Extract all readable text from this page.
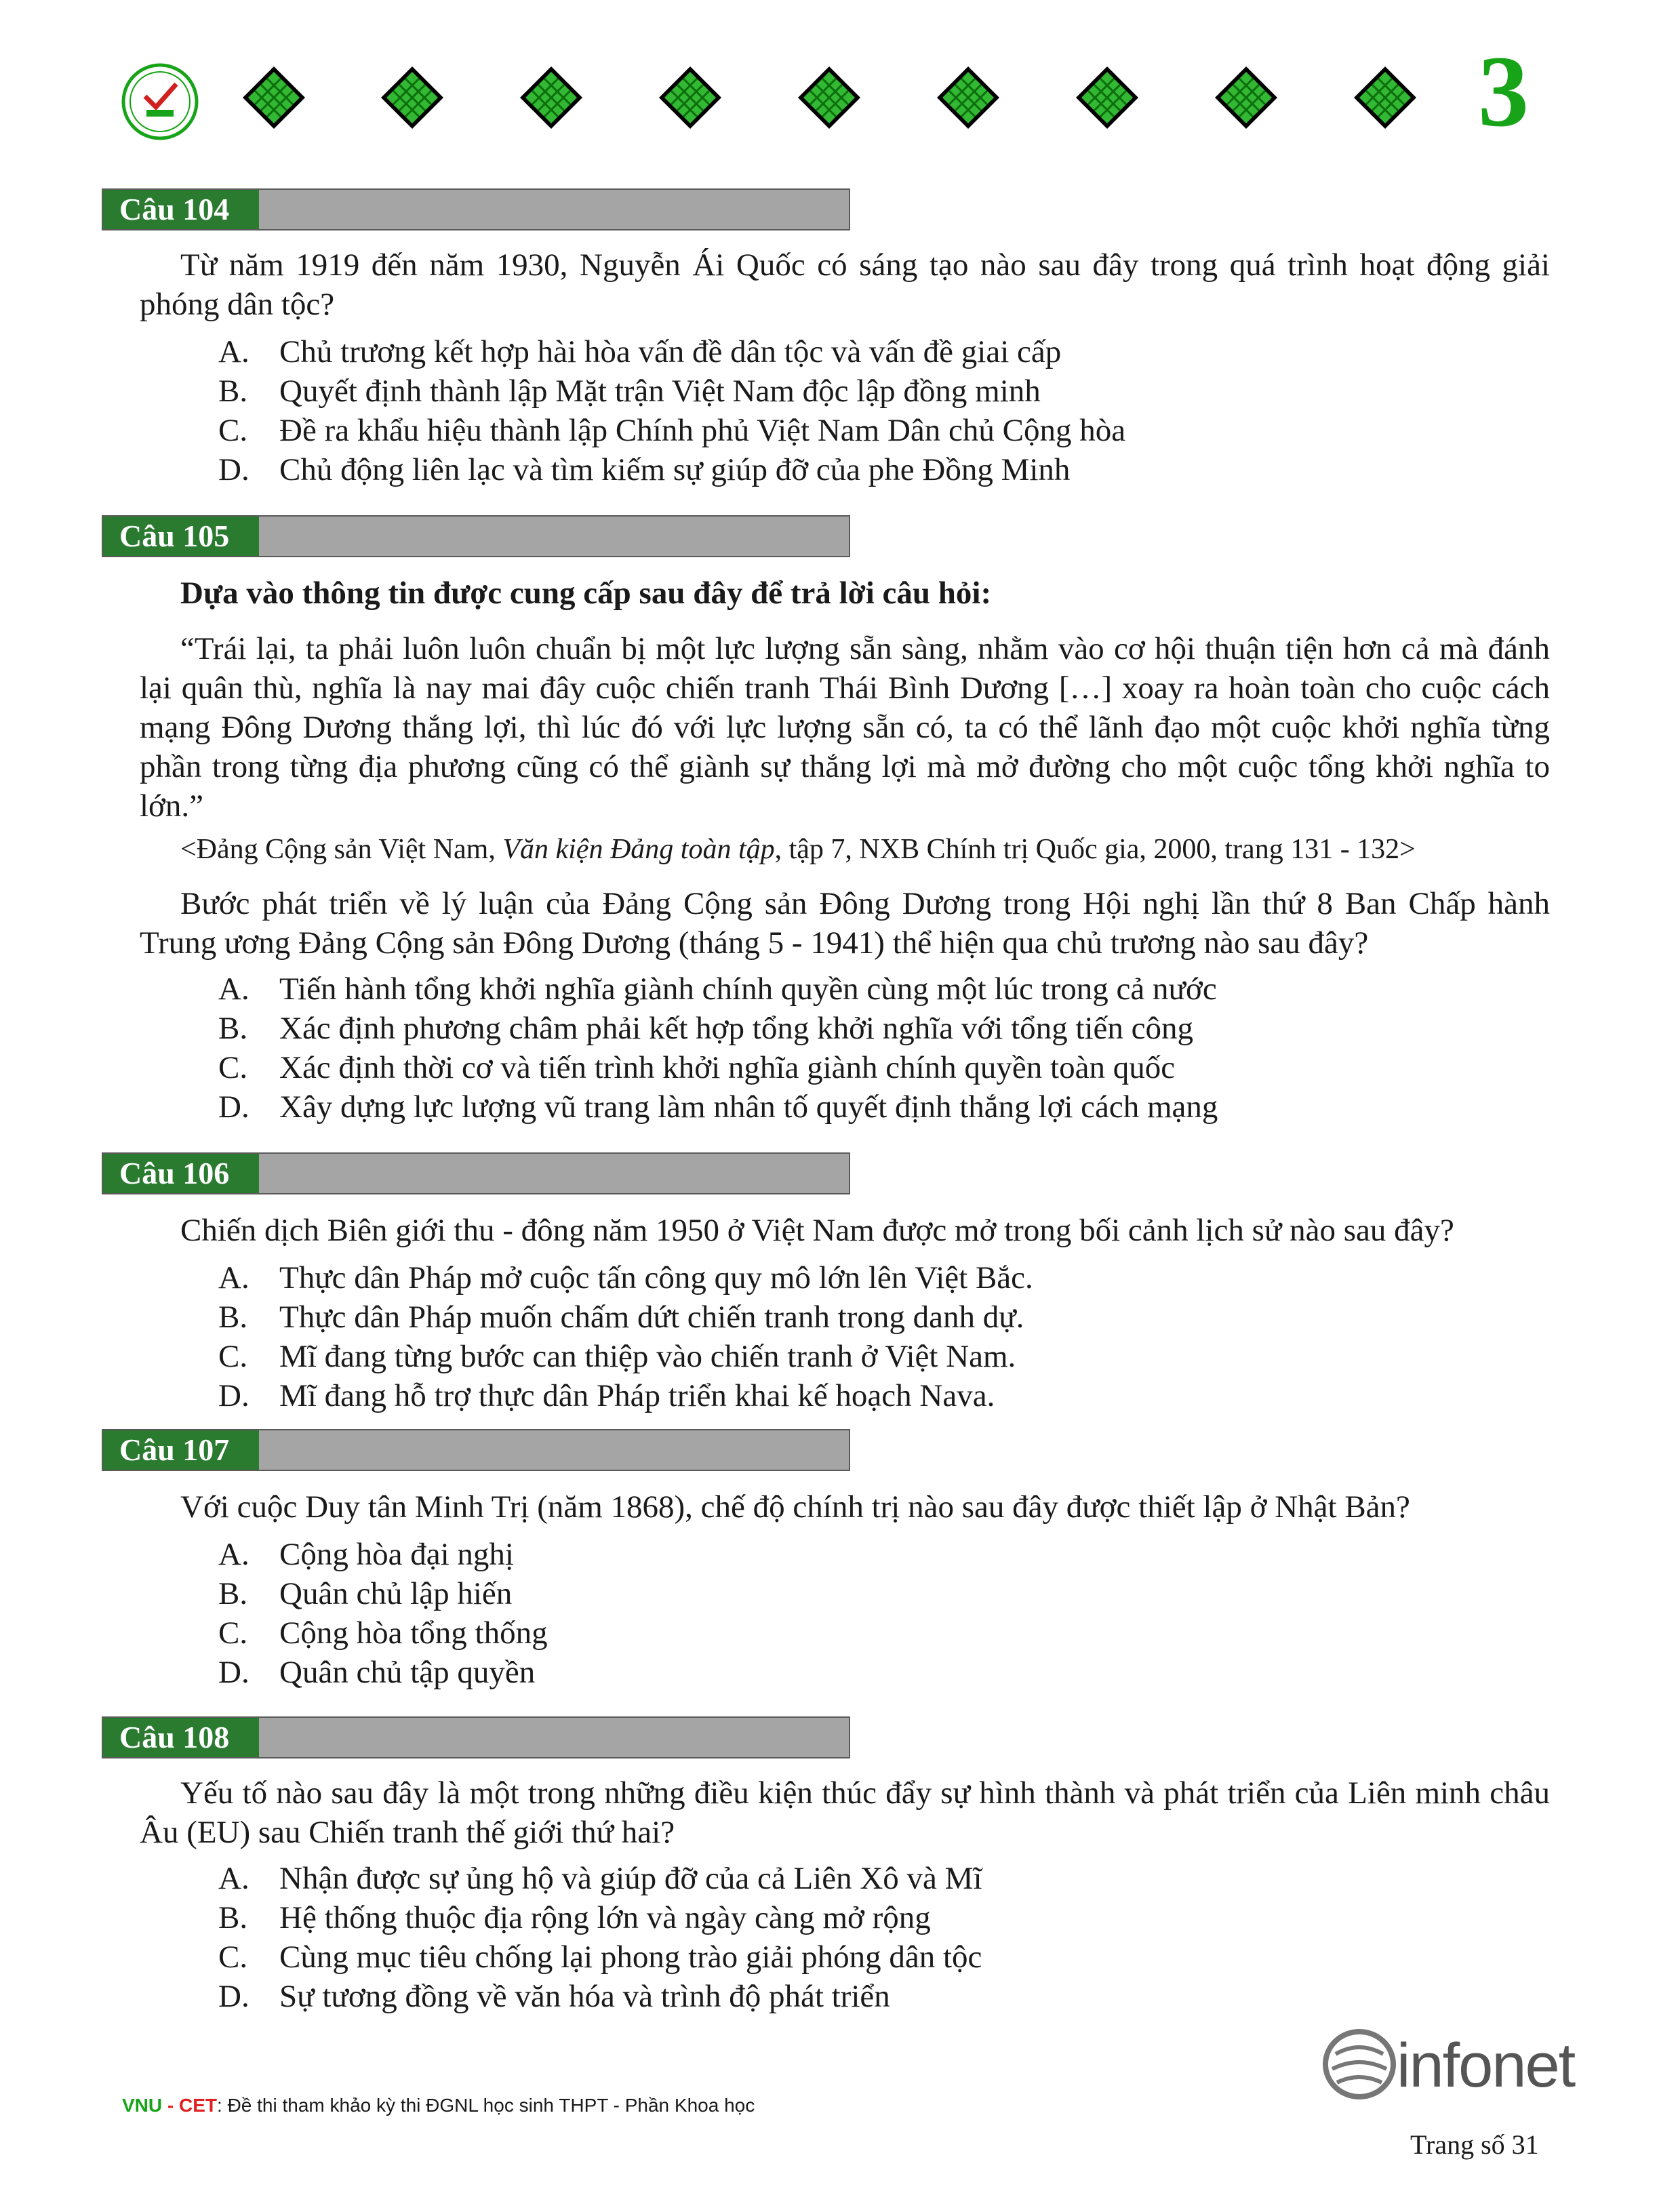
3
Câu 104
Từ năm 1919 đến năm 1930, Nguyễn Ái Quốc có sáng tạo nào sau đây trong quá trình hoạt động giải phóng dân tộc?
A. Chủ trương kết hợp hài hòa vấn đề dân tộc và vấn đề giai cấp
B. Quyết định thành lập Mặt trận Việt Nam độc lập đồng minh
C. Đề ra khẩu hiệu thành lập Chính phủ Việt Nam Dân chủ Cộng hòa
D. Chủ động liên lạc và tìm kiếm sự giúp đỡ của phe Đồng Minh
Câu 105
Dựa vào thông tin được cung cấp sau đây để trả lời câu hỏi:
“Trái lại, ta phải luôn luôn chuẩn bị một lực lượng sẵn sàng, nhằm vào cơ hội thuận tiện hơn cả mà đánh lại quân thù, nghĩa là nay mai đây cuộc chiến tranh Thái Bình Dương […] xoay ra hoàn toàn cho cuộc cách mạng Đông Dương thắng lợi, thì lúc đó với lực lượng sẵn có, ta có thể lãnh đạo một cuộc khởi nghĩa từng phần trong từng địa phương cũng có thể giành sự thắng lợi mà mở đường cho một cuộc tổng khởi nghĩa to lớn.”
<Đảng Cộng sản Việt Nam, Văn kiện Đảng toàn tập, tập 7, NXB Chính trị Quốc gia, 2000, trang 131 - 132>
Bước phát triển về lý luận của Đảng Cộng sản Đông Dương trong Hội nghị lần thứ 8 Ban Chấp hành Trung ương Đảng Cộng sản Đông Dương (tháng 5 - 1941) thể hiện qua chủ trương nào sau đây?
A. Tiến hành tổng khởi nghĩa giành chính quyền cùng một lúc trong cả nước
B. Xác định phương châm phải kết hợp tổng khởi nghĩa với tổng tiến công
C. Xác định thời cơ và tiến trình khởi nghĩa giành chính quyền toàn quốc
D. Xây dựng lực lượng vũ trang làm nhân tố quyết định thắng lợi cách mạng
Câu 106
Chiến dịch Biên giới thu - đông năm 1950 ở Việt Nam được mở trong bối cảnh lịch sử nào sau đây?
A. Thực dân Pháp mở cuộc tấn công quy mô lớn lên Việt Bắc.
B. Thực dân Pháp muốn chấm dứt chiến tranh trong danh dự.
C. Mĩ đang từng bước can thiệp vào chiến tranh ở Việt Nam.
D. Mĩ đang hỗ trợ thực dân Pháp triển khai kế hoạch Nava.
Câu 107
Với cuộc Duy tân Minh Trị (năm 1868), chế độ chính trị nào sau đây được thiết lập ở Nhật Bản?
A. Cộng hòa đại nghị
B. Quân chủ lập hiến
C. Cộng hòa tổng thống
D. Quân chủ tập quyền
Câu 108
Yếu tố nào sau đây là một trong những điều kiện thúc đẩy sự hình thành và phát triển của Liên minh châu Âu (EU) sau Chiến tranh thế giới thứ hai?
A. Nhận được sự ủng hộ và giúp đỡ của cả Liên Xô và Mĩ
B. Hệ thống thuộc địa rộng lớn và ngày càng mở rộng
C. Cùng mục tiêu chống lại phong trào giải phóng dân tộc
D. Sự tương đồng về văn hóa và trình độ phát triển
infonet
VNU - CET: Đề thi tham khảo kỳ thi ĐGNL học sinh THPT - Phần Khoa học
Trang số 31
